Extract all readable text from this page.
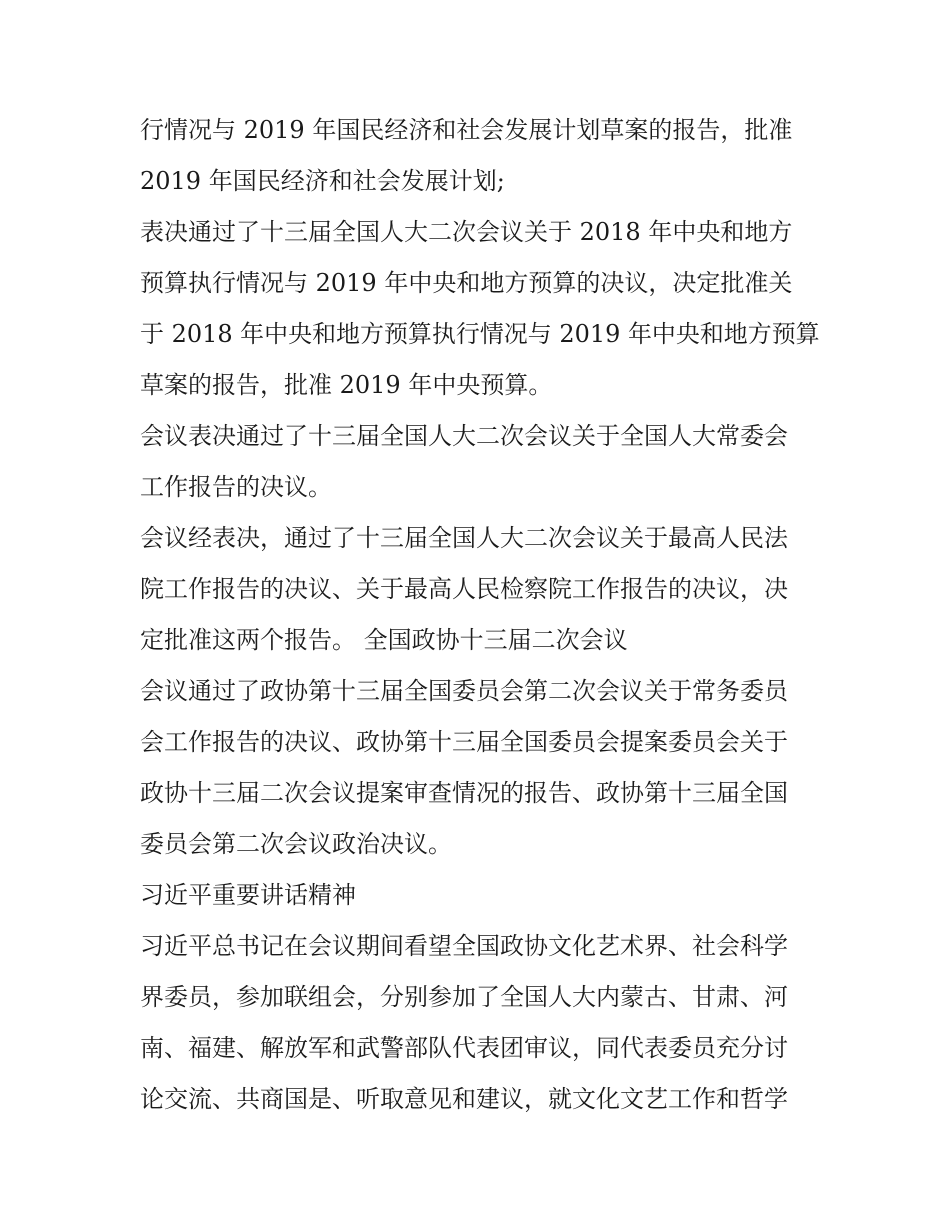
行情况与 2019 年国民经济和社会发展计划草案的报告，批准
2019 年国民经济和社会发展计划;
表决通过了十三届全国人大二次会议关于 2018 年中央和地方
预算执行情况与 2019 年中央和地方预算的决议，决定批准关
于 2018 年中央和地方预算执行情况与 2019 年中央和地方预算
草案的报告，批准 2019 年中央预算。
会议表决通过了十三届全国人大二次会议关于全国人大常委会
工作报告的决议。
会议经表决，通过了十三届全国人大二次会议关于最高人民法
院工作报告的决议、关于最高人民检察院工作报告的决议，决
定批准这两个报告。 全国政协十三届二次会议
会议通过了政协第十三届全国委员会第二次会议关于常务委员
会工作报告的决议、政协第十三届全国委员会提案委员会关于
政协十三届二次会议提案审查情况的报告、政协第十三届全国
委员会第二次会议政治决议。
习近平重要讲话精神
习近平总书记在会议期间看望全国政协文化艺术界、社会科学
界委员，参加联组会，分别参加了全国人大内蒙古、甘肃、河
南、福建、解放军和武警部队代表团审议，同代表委员充分讨
论交流、共商国是、听取意见和建议，就文化文艺工作和哲学
